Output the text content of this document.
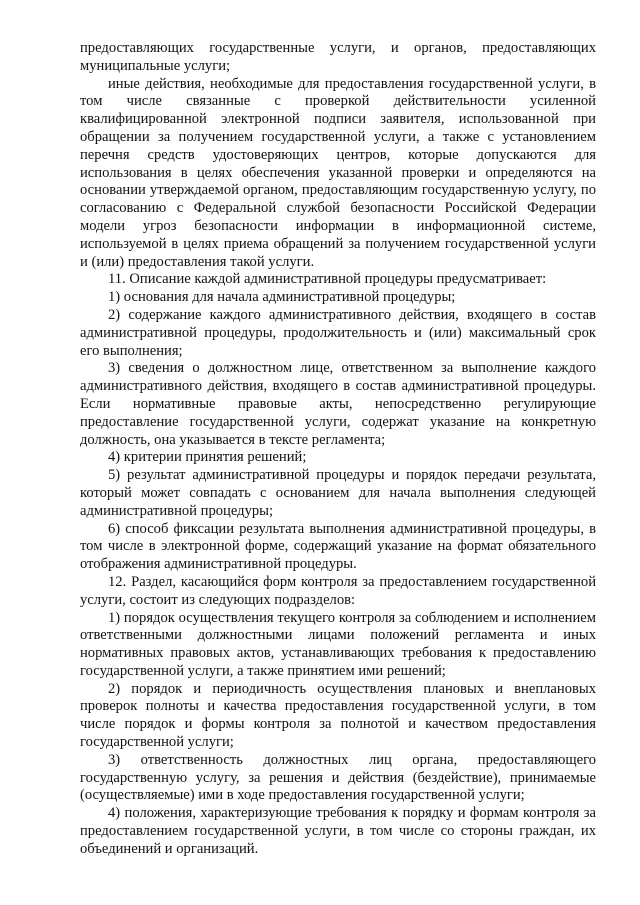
предоставляющих государственные услуги, и органов, предоставляющих муниципальные услуги;

иные действия, необходимые для предоставления государственной услуги, в том числе связанные с проверкой действительности усиленной квалифицированной электронной подписи заявителя, использованной при обращении за получением государственной услуги, а также с установлением перечня средств удостоверяющих центров, которые допускаются для использования в целях обеспечения указанной проверки и определяются на основании утверждаемой органом, предоставляющим государственную услугу, по согласованию с Федеральной службой безопасности Российской Федерации модели угроз безопасности информации в информационной системе, используемой в целях приема обращений за получением государственной услуги и (или) предоставления такой услуги.

11. Описание каждой административной процедуры предусматривает:

1) основания для начала административной процедуры;

2) содержание каждого административного действия, входящего в состав административной процедуры, продолжительность и (или) максимальный срок его выполнения;

3) сведения о должностном лице, ответственном за выполнение каждого административного действия, входящего в состав административной процедуры. Если нормативные правовые акты, непосредственно регулирующие предоставление государственной услуги, содержат указание на конкретную должность, она указывается в тексте регламента;

4) критерии принятия решений;

5) результат административной процедуры и порядок передачи результата, который может совпадать с основанием для начала выполнения следующей административной процедуры;

6) способ фиксации результата выполнения административной процедуры, в том числе в электронной форме, содержащий указание на формат обязательного отображения административной процедуры.

12. Раздел, касающийся форм контроля за предоставлением государственной услуги, состоит из следующих подразделов:

1) порядок осуществления текущего контроля за соблюдением и исполнением ответственными должностными лицами положений регламента и иных нормативных правовых актов, устанавливающих требования к предоставлению государственной услуги, а также принятием ими решений;

2) порядок и периодичность осуществления плановых и внеплановых проверок полноты и качества предоставления государственной услуги, в том числе порядок и формы контроля за полнотой и качеством предоставления государственной услуги;

3) ответственность должностных лиц органа, предоставляющего государственную услугу, за решения и действия (бездействие), принимаемые (осуществляемые) ими в ходе предоставления государственной услуги;

4) положения, характеризующие требования к порядку и формам контроля за предоставлением государственной услуги, в том числе со стороны граждан, их объединений и организаций.
